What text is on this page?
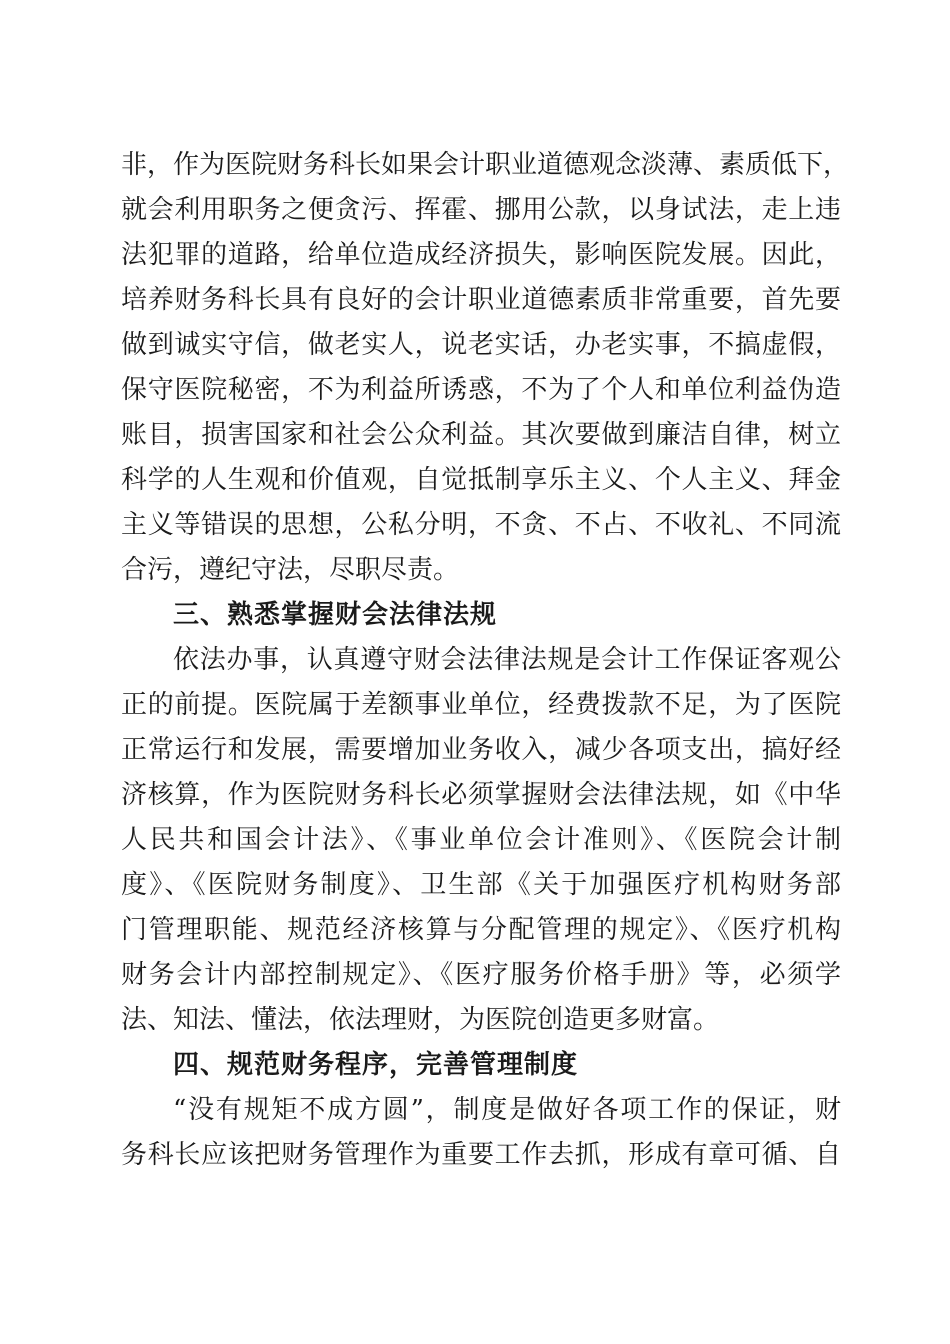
非，作为医院财务科长如果会计职业道德观念淡薄、素质低下，
就会利用职务之便贪污、挥霍、挪用公款，以身试法，走上违
法犯罪的道路，给单位造成经济损失，影响医院发展。因此，
培养财务科长具有良好的会计职业道德素质非常重要，首先要
做到诚实守信，做老实人，说老实话，办老实事，不搞虚假，
保守医院秘密，不为利益所诱惑，不为了个人和单位利益伪造
账目，损害国家和社会公众利益。其次要做到廉洁自律，树立
科学的人生观和价值观，自觉抵制享乐主义、个人主义、拜金
主义等错误的思想，公私分明，不贪、不占、不收礼、不同流
合污，遵纪守法，尽职尽责。
三、熟悉掌握财会法律法规
依法办事，认真遵守财会法律法规是会计工作保证客观公
正的前提。医院属于差额事业单位，经费拨款不足，为了医院
正常运行和发展，需要增加业务收入，减少各项支出，搞好经
济核算，作为医院财务科长必须掌握财会法律法规，如《中华
人民共和国会计法》、《事业单位会计准则》、《医院会计制
度》、《医院财务制度》、卫生部《关于加强医疗机构财务部
门管理职能、规范经济核算与分配管理的规定》、《医疗机构
财务会计内部控制规定》、《医疗服务价格手册》等，必须学
法、知法、懂法，依法理财，为医院创造更多财富。
四、规范财务程序，完善管理制度
“没有规矩不成方圆”，制度是做好各项工作的保证，财
务科长应该把财务管理作为重要工作去抓，形成有章可循、自
